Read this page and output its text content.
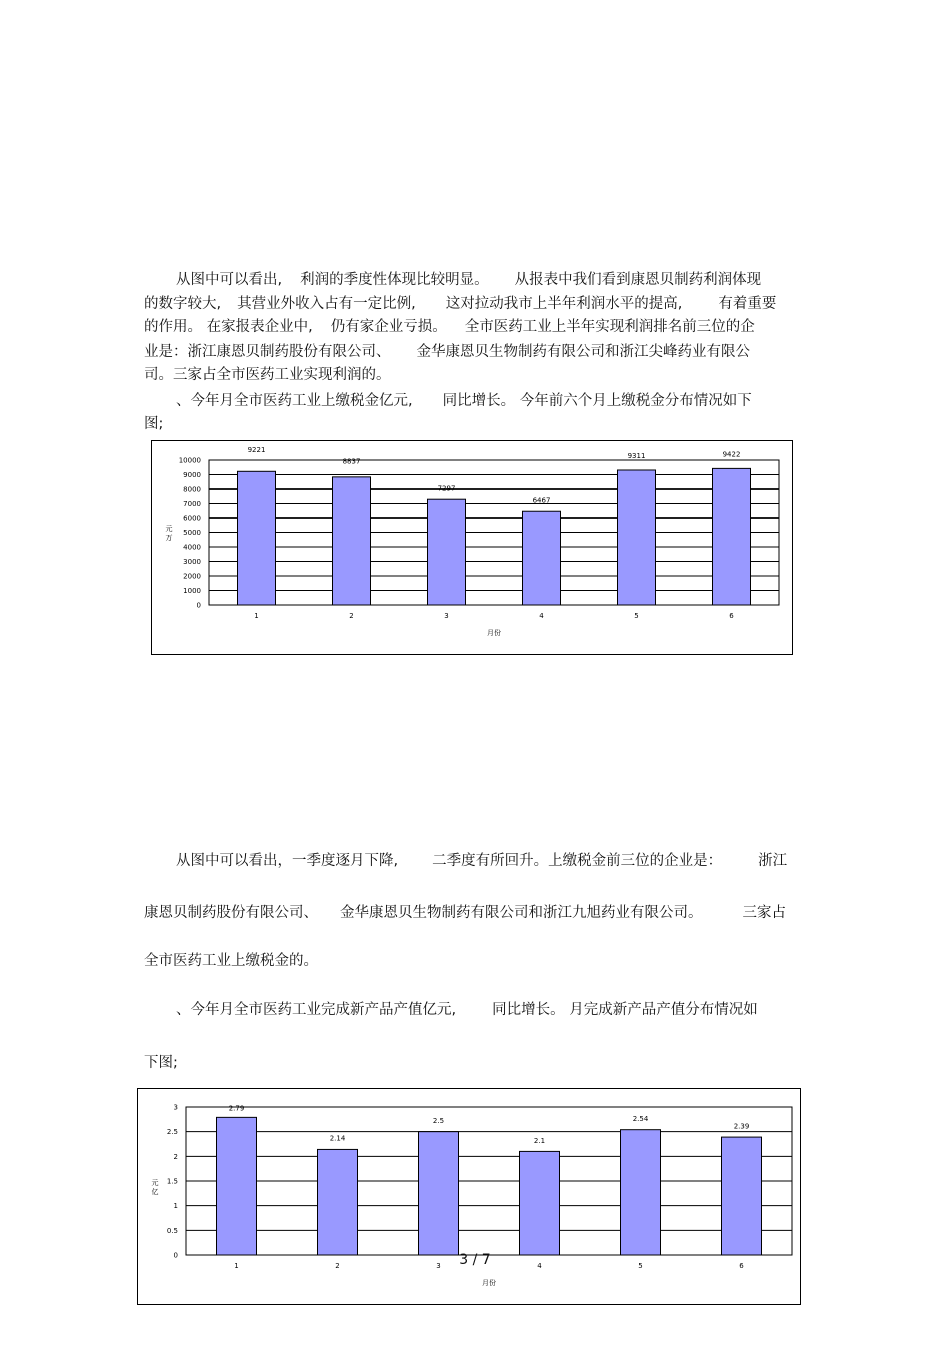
从图中可以看出, 利润的季度性体现比较明显。 从报表中我们看到康恩贝制药利润体现
的数字较大, 其营业外收入占有一定比例, 这对拉动我市上半年利润水平的提高, 有着重要
的作用。 在家报表企业中, 仍有家企业亏损。 全市医药工业上半年实现利润排名前三位的企
业是：浙江康恩贝制药股份有限公司、 金华康恩贝生物制药有限公司和浙江尖峰药业有限公
司。三家占全市医药工业实现利润的。
、今年月全市医药工业上缴税金亿元, 同比增长。 今年前六个月上缴税金分布情况如下
图;
0
1000
2000
3000
4000
5000
6000
7000
8000
9000
10000
元
万
9221
1
8837
2
7297
3
6467
4
9311
5
9422
6
月份
从图中可以看出，一季度逐月下降, 二季度有所回升。上缴税金前三位的企业是： 浙江
康恩贝制药股份有限公司、 金华康恩贝生物制药有限公司和浙江九旭药业有限公司。	三家占
全市医药工业上缴税金的。
、今年月全市医药工业完成新产品产值亿元, 同比增长。 月完成新产品产值分布情况如
下图;
0
0.5
1
1.5
2
2.5
3
元
亿
2.79
1
2.14
2
2.5
3
2.1
4
2.54
5
2.39
6
月份
3 / 7
